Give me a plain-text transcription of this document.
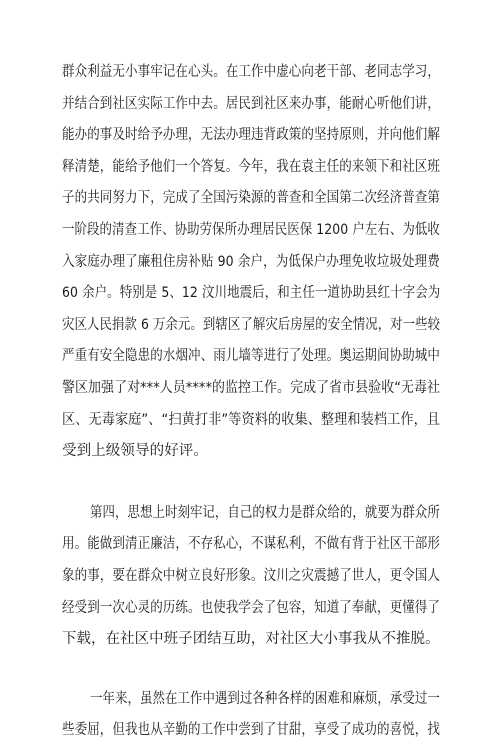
群众利益无小事牢记在心头。在工作中虚心向老干部、老同志学习，
并结合到社区实际工作中去。居民到社区来办事，能耐心听他们讲，
能办的事及时给予办理，无法办理违背政策的坚持原则，并向他们解
释清楚，能给予他们一个答复。今年，我在袁主任的来领下和社区班
子的共同努力下，完成了全国污染源的普查和全国第二次经济普查第
一阶段的清查工作、协助劳保所办理居民医保 1200 户左右、为低收
入家庭办理了廉租住房补贴 90 余户，为低保户办理免收垃圾处理费
60 余户。特别是 5、12 汶川地震后，和主任一道协助县红十字会为
灾区人民捐款 6 万余元。到辖区了解灾后房屋的安全情况，对一些较
严重有安全隐患的水烟冲、雨儿墙等进行了处理。奥运期间协助城中
警区加强了对***人员****的监控工作。完成了省市县验收“无毒社
区、无毒家庭”、“扫黄打非”等资料的收集、整理和装档工作，且
受到上级领导的好评。
第四，思想上时刻牢记，自己的权力是群众给的，就要为群众所
用。能做到清正廉洁，不存私心，不谋私利，不做有背于社区干部形
象的事，要在群众中树立良好形象。汶川之灾震撼了世人，更令国人
经受到一次心灵的历练。也使我学会了包容，知道了奉献，更懂得了
下载，在社区中班子团结互助，对社区大小事我从不推脱。
一年来，虽然在工作中遇到过各种各样的困难和麻烦，承受过一
些委屈，但我也从辛勤的工作中尝到了甘甜，享受了成功的喜悦，找
